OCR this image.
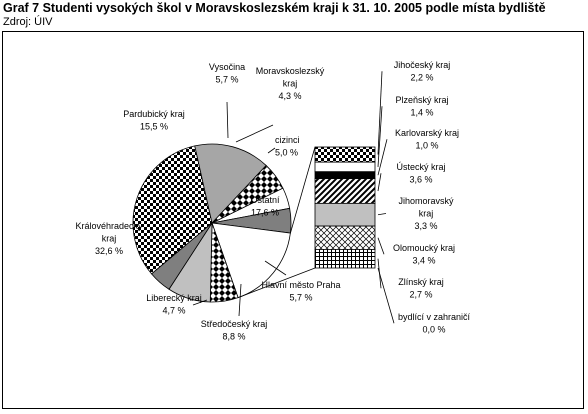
Graf 7 Studenti vysokých škol v Moravskoslezském kraji k 31. 10. 2005 podle místa bydliště
Zdroj: ÚIV
Moravskoslezský kraj 4,3 %
cizinci 5,0 %
Ostatní 17,6 %
Hlavní město Praha 5,7 %
Středočeský kraj 8,8 %
Liberecký kraj 4,7 %
Královéhradecký kraj 32,6 %
Pardubický kraj 15,5 %
Vysočina 5,7 %
Jihočeský kraj 2,2 %
Plzeňský kraj 1,4 %
Karlovarský kraj 1,0 %
Ústecký kraj 3,6 %
Jihomoravský kraj 3,3 %
Olomoucký kraj 3,4 %
Zlínský kraj 2,7 %
bydlící v zahraničí 0,0 %
